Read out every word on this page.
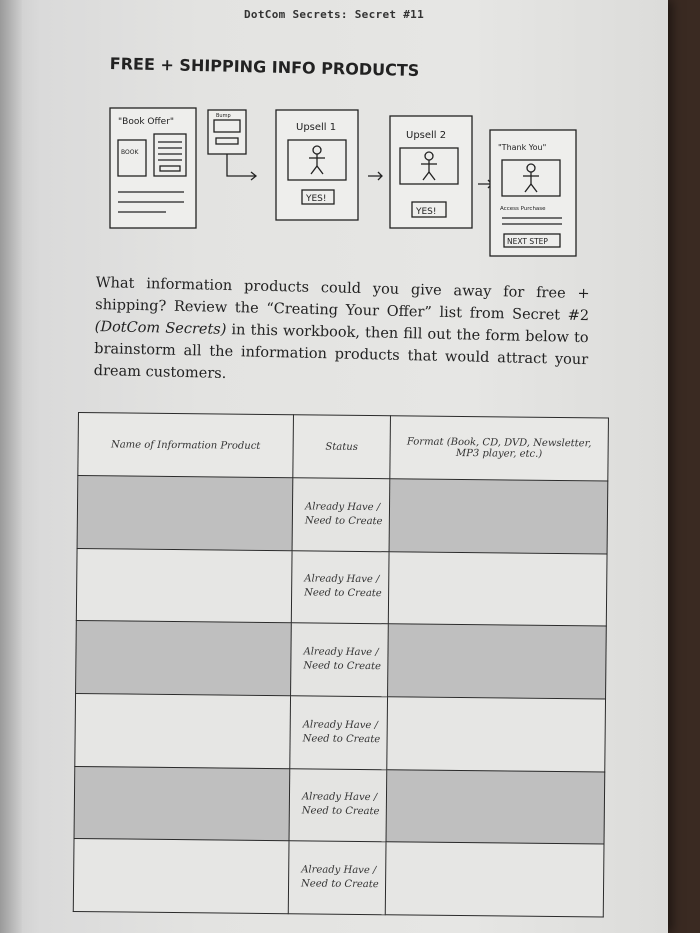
DotCom Secrets: Secret #11
FREE + SHIPPING INFO PRODUCTS
"Book Offer"
BOOK
Bump
Upsell 1
YES!
Upsell 2
YES!
"Thank You"
Access Purchase
NEXT STEP
What information products could you give away for free + shipping? Review the “Creating Your Offer” list from Secret #2 (DotCom Secrets) in this workbook, then fill out the form below to brainstorm all the information products that would attract your dream customers.
Name of Information Product	Status	Format (Book, CD, DVD, Newsletter, MP3 player, etc.)
	Already Have /
Need to Create	
	Already Have /
Need to Create	
	Already Have /
Need to Create	
	Already Have /
Need to Create	
	Already Have /
Need to Create	
	Already Have /
Need to Create	
